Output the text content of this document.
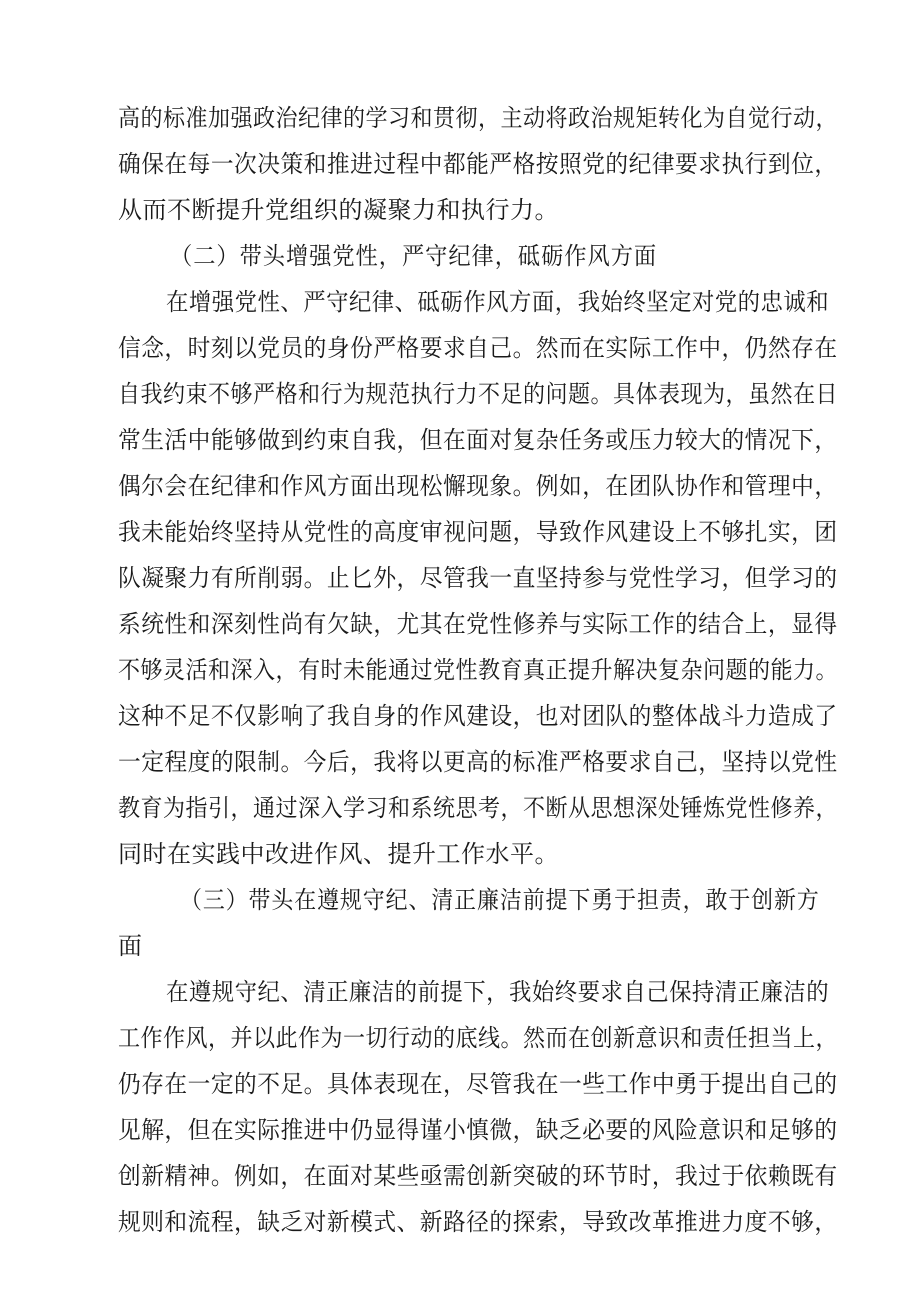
高的标准加强政治纪律的学习和贯彻，主动将政治规矩转化为自觉行动，
确保在每一次决策和推进过程中都能严格按照党的纪律要求执行到位，
从而不断提升党组织的凝聚力和执行力。
（二）带头增强党性，严守纪律，砥砺作风方面
在增强党性、严守纪律、砥砺作风方面，我始终坚定对党的忠诚和
信念，时刻以党员的身份严格要求自己。然而在实际工作中，仍然存在
自我约束不够严格和行为规范执行力不足的问题。具体表现为，虽然在日
常生活中能够做到约束自我，但在面对复杂任务或压力较大的情况下，
偶尔会在纪律和作风方面出现松懈现象。例如，在团队协作和管理中，
我未能始终坚持从党性的高度审视问题，导致作风建设上不够扎实，团
队凝聚力有所削弱。止匕外，尽管我一直坚持参与党性学习，但学习的
系统性和深刻性尚有欠缺，尤其在党性修养与实际工作的结合上，显得
不够灵活和深入，有时未能通过党性教育真正提升解决复杂问题的能力。
这种不足不仅影响了我自身的作风建设，也对团队的整体战斗力造成了
一定程度的限制。今后，我将以更高的标准严格要求自己，坚持以党性
教育为指引，通过深入学习和系统思考，不断从思想深处锤炼党性修养，
同时在实践中改进作风、提升工作水平。
（三）带头在遵规守纪、清正廉洁前提下勇于担责，敢于创新方
面
在遵规守纪、清正廉洁的前提下，我始终要求自己保持清正廉洁的
工作作风，并以此作为一切行动的底线。然而在创新意识和责任担当上，
仍存在一定的不足。具体表现在，尽管我在一些工作中勇于提出自己的
见解，但在实际推进中仍显得谨小慎微，缺乏必要的风险意识和足够的
创新精神。例如，在面对某些亟需创新突破的环节时，我过于依赖既有
规则和流程，缺乏对新模式、新路径的探索，导致改革推进力度不够，
